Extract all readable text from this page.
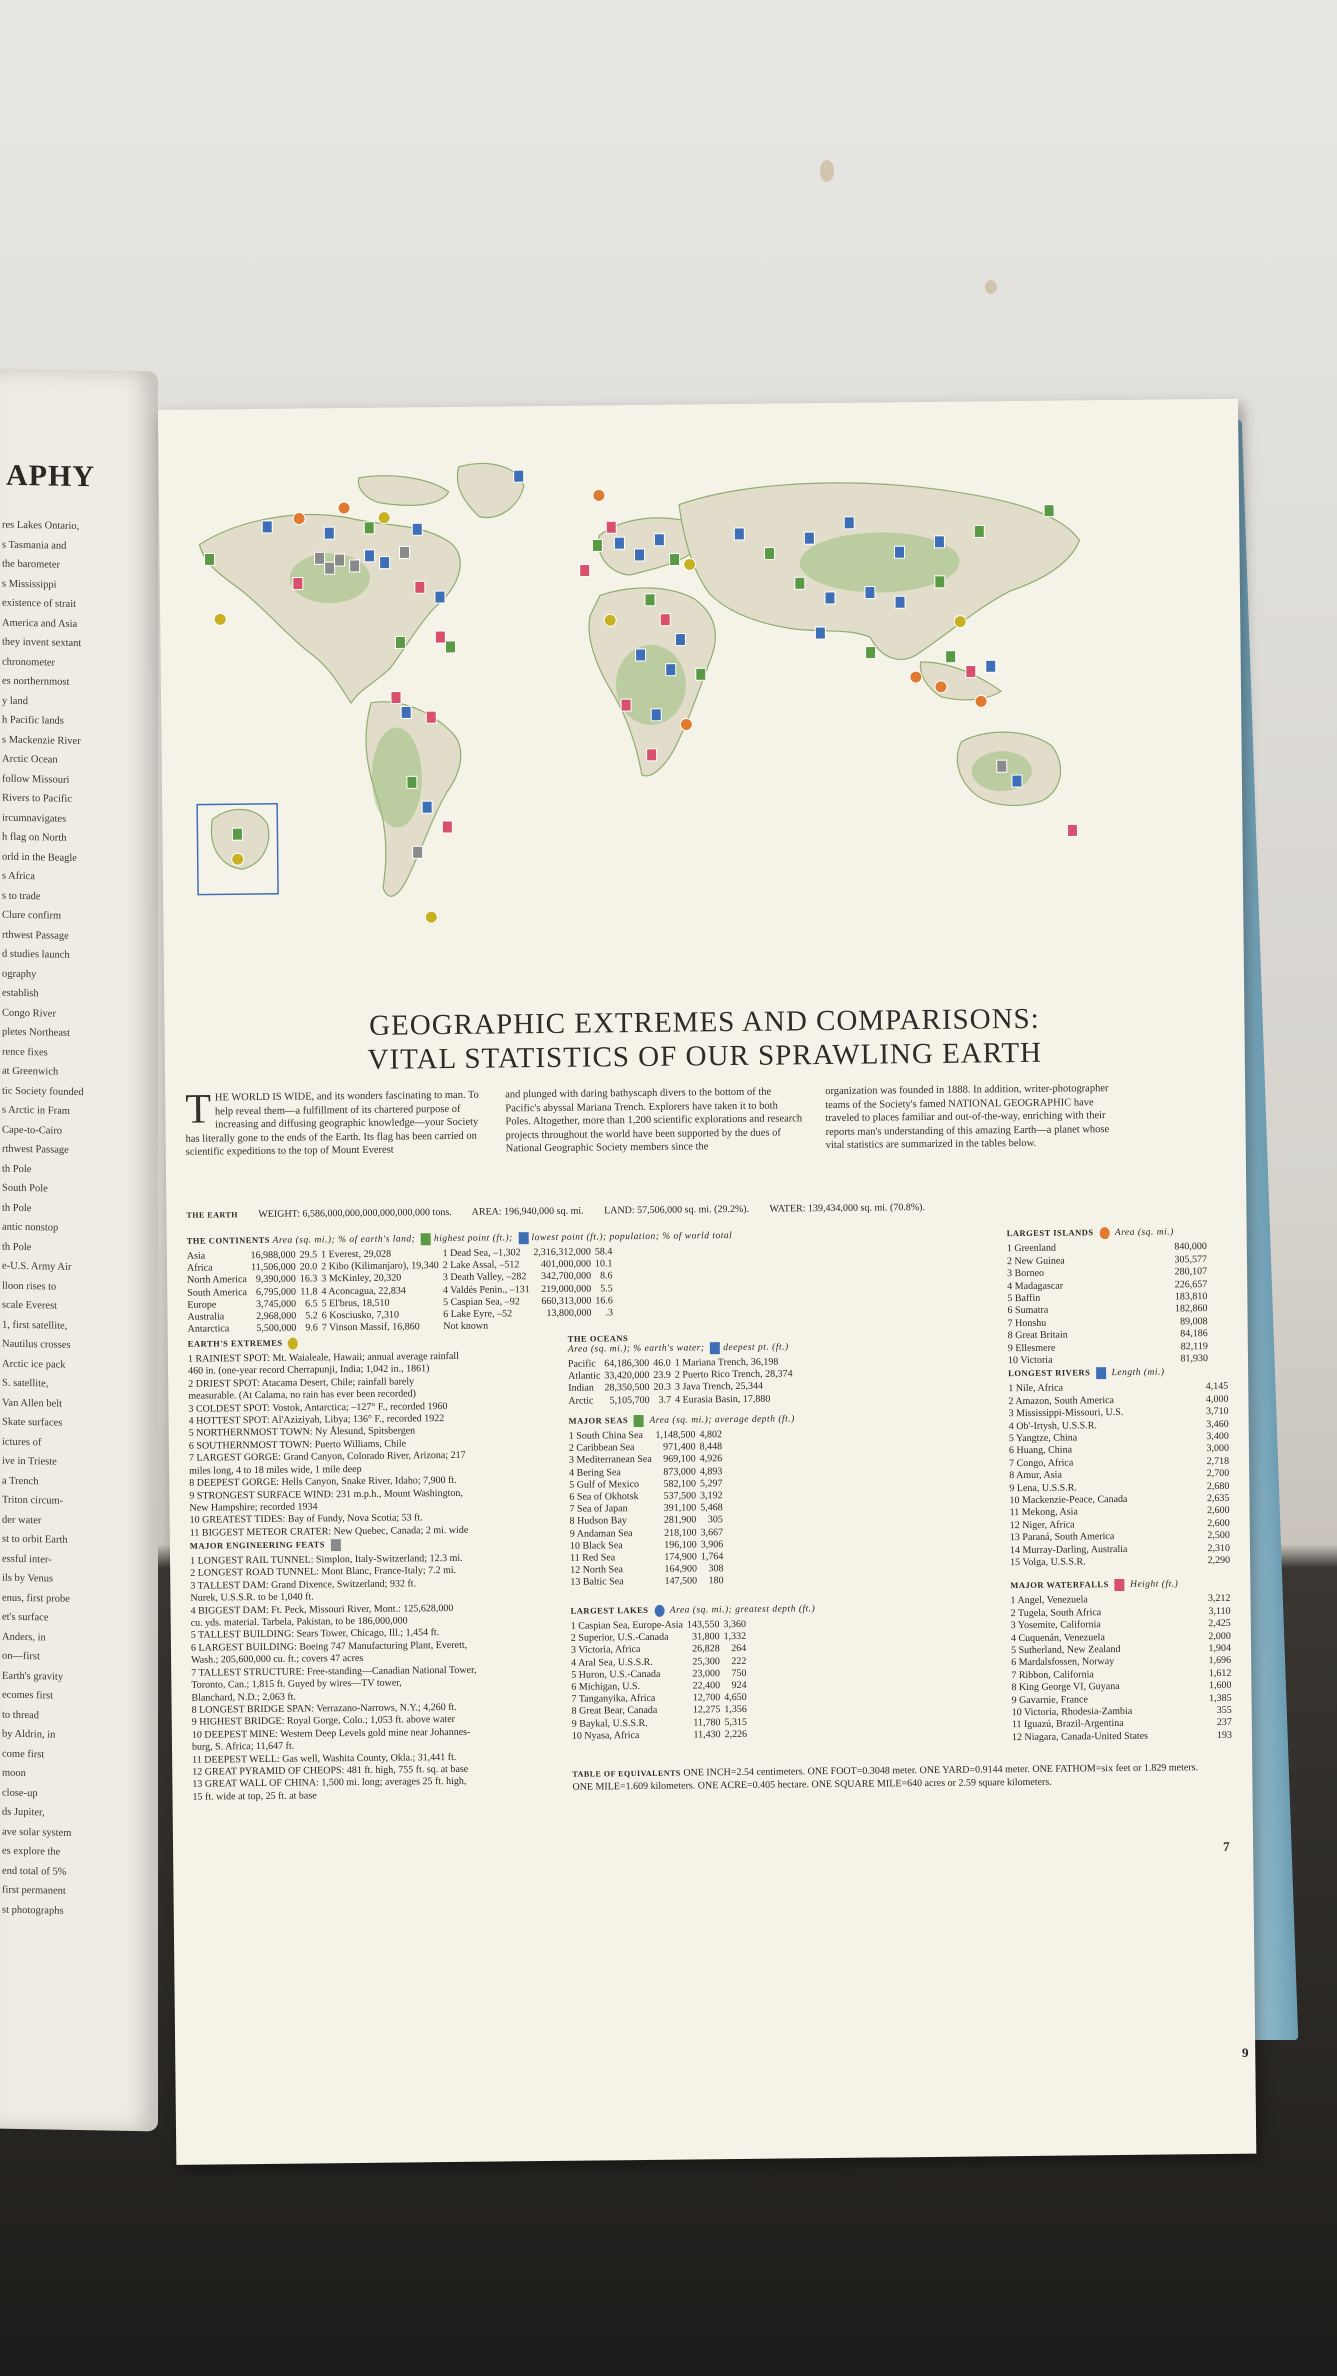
APHY
res Lakes Ontario,
s Tasmania and
the barometer
s Mississippi
existence of strait
America and Asia
they invent sextant
chronometer
es northernmost
y land
h Pacific lands
s Mackenzie River
Arctic Ocean
follow Missouri
Rivers to Pacific
ircumnavigates
h flag on North
orld in the Beagle
s Africa
s to trade
Clure confirm
rthwest Passage
d studies launch
ography
establish
Congo River
pletes Northeast
rence fixes
at Greenwich
tic Society founded
s Arctic in Fram
Cape-to-Cairo
rthwest Passage
th Pole
South Pole
th Pole
antic nonstop
th Pole
e-U.S. Army Air
lloon rises to
scale Everest
1, first satellite,
Nautilus crosses
Arctic ice pack
S. satellite,
Van Allen belt
Skate surfaces
ictures of
ive in Trieste
a Trench
Triton circum-
der water
st to orbit Earth
essful inter-
ils by Venus
enus, first probe
et's surface
Anders, in
on—first
Earth's gravity
ecomes first
to thread
by Aldrin, in
come first
moon
close-up
ds Jupiter,
ave solar system
es explore the
end total of 5%
first permanent
st photographs
GEOGRAPHIC EXTREMES AND COMPARISONS:
VITAL STATISTICS OF OUR SPRAWLING EARTH
THE WORLD IS WIDE, and its wonders fascinating to man. To help reveal them—a fulfillment of its chartered purpose of increasing and diffusing geographic knowledge—your Society has literally gone to the ends of the Earth. Its flag has been carried on scientific expeditions to the top of Mount Everest
and plunged with daring bathyscaph divers to the bottom of the Pacific's abyssal Mariana Trench. Explorers have taken it to both Poles. Altogether, more than 1,200 scientific explorations and research projects throughout the world have been supported by the dues of National Geographic Society members since the
organization was founded in 1888. In addition, writer-photographer teams of the Society's famed NATIONAL GEOGRAPHIC have traveled to places familiar and out-of-the-way, enriching with their reports man's understanding of this amazing Earth—a planet whose vital statistics are summarized in the tables below.
THE EARTH WEIGHT: 6,586,000,000,000,000,000,000 tons. AREA: 196,940,000 sq. mi. LAND: 57,506,000 sq. mi. (29.2%). WATER: 139,434,000 sq. mi. (70.8%).
THE CONTINENTS Area (sq. mi.); % of earth's land; highest point (ft.); lowest point (ft.); population; % of world total
Asia	16,988,000	29.5	1 Everest, 29,028	1 Dead Sea, –1,302	2,316,312,000	58.4
Africa	11,506,000	20.0	2 Kibo (Kilimanjaro), 19,340	2 Lake Assal, –512	401,000,000	10.1
North America	9,390,000	16.3	3 McKinley, 20,320	3 Death Valley, –282	342,700,000	8.6
South America	6,795,000	11.8	4 Aconcagua, 22,834	4 Valdés Penin., –131	219,000,000	5.5
Europe	3,745,000	6.5	5 El'brus, 18,510	5 Caspian Sea, –92	660,313,000	16.6
Australia	2,968,000	5.2	6 Kosciusko, 7,310	6 Lake Eyre, –52	13,800,000	.3
Antarctica	5,500,000	9.6	7 Vinson Massif, 16,860	Not known		
LARGEST ISLANDS Area (sq. mi.)
1 Greenland	840,000
2 New Guinea	305,577
3 Borneo	280,107
4 Madagascar	226,657
5 Baffin	183,810
6 Sumatra	182,860
7 Honshu	89,008
8 Great Britain	84,186
9 Ellesmere	82,119
10 Victoria	81,930
EARTH'S EXTREMES
1 RAINIEST SPOT: Mt. Waialeale, Hawaii; annual average rainfall
460 in. (one-year record Cherrapunji, India; 1,042 in., 1861)
2 DRIEST SPOT: Atacama Desert, Chile; rainfall barely
measurable. (At Calama, no rain has ever been recorded)
3 COLDEST SPOT: Vostok, Antarctica; –127° F., recorded 1960
4 HOTTEST SPOT: Al'Aziziyah, Libya; 136° F., recorded 1922
5 NORTHERNMOST TOWN: Ny Ålesund, Spitsbergen
6 SOUTHERNMOST TOWN: Puerto Williams, Chile
7 LARGEST GORGE: Grand Canyon, Colorado River, Arizona; 217
miles long, 4 to 18 miles wide, 1 mile deep
8 DEEPEST GORGE: Hells Canyon, Snake River, Idaho; 7,900 ft.
9 STRONGEST SURFACE WIND: 231 m.p.h., Mount Washington,
New Hampshire; recorded 1934
10 GREATEST TIDES: Bay of Fundy, Nova Scotia; 53 ft.
11 BIGGEST METEOR CRATER: New Quebec, Canada; 2 mi. wide
THE OCEANS
Area (sq. mi.); % earth's water; deepest pt. (ft.)
Pacific	64,186,300	46.0	1 Mariana Trench, 36,198
Atlantic	33,420,000	23.9	2 Puerto Rico Trench, 28,374
Indian	28,350,500	20.3	3 Java Trench, 25,344
Arctic	5,105,700	3.7	4 Eurasia Basin, 17,880
MAJOR SEAS Area (sq. mi.); average depth (ft.)
1 South China Sea	1,148,500	4,802
2 Caribbean Sea	971,400	8,448
3 Mediterranean Sea	969,100	4,926
4 Bering Sea	873,000	4,893
5 Gulf of Mexico	582,100	5,297
6 Sea of Okhotsk	537,500	3,192
7 Sea of Japan	391,100	5,468
8 Hudson Bay	281,900	305
9 Andaman Sea	218,100	3,667
10 Black Sea	196,100	3,906
11 Red Sea	174,900	1,764
12 North Sea	164,900	308
13 Baltic Sea	147,500	180
LONGEST RIVERS Length (mi.)
1 Nile, Africa	4,145
2 Amazon, South America	4,000
3 Mississippi-Missouri, U.S.	3,710
4 Ob'-Irtysh, U.S.S.R.	3,460
5 Yangtze, China	3,400
6 Huang, China	3,000
7 Congo, Africa	2,718
8 Amur, Asia	2,700
9 Lena, U.S.S.R.	2,680
10 Mackenzie-Peace, Canada	2,635
11 Mekong, Asia	2,600
12 Niger, Africa	2,600
13 Paraná, South America	2,500
14 Murray-Darling, Australia	2,310
15 Volga, U.S.S.R.	2,290
MAJOR ENGINEERING FEATS
1 LONGEST RAIL TUNNEL: Simplon, Italy-Switzerland; 12.3 mi.
2 LONGEST ROAD TUNNEL: Mont Blanc, France-Italy; 7.2 mi.
3 TALLEST DAM: Grand Dixence, Switzerland; 932 ft.
Nurek, U.S.S.R. to be 1,040 ft.
4 BIGGEST DAM: Ft. Peck, Missouri River, Mont.: 125,628,000
cu. yds. material. Tarbela, Pakistan, to be 186,000,000
5 TALLEST BUILDING: Sears Tower, Chicago, Ill.; 1,454 ft.
6 LARGEST BUILDING: Boeing 747 Manufacturing Plant, Everett,
Wash.; 205,600,000 cu. ft.; covers 47 acres
7 TALLEST STRUCTURE: Free-standing—Canadian National Tower,
Toronto, Can.; 1,815 ft. Guyed by wires—TV tower,
Blanchard, N.D.; 2,063 ft.
8 LONGEST BRIDGE SPAN: Verrazano-Narrows, N.Y.; 4,260 ft.
9 HIGHEST BRIDGE: Royal Gorge, Colo.; 1,053 ft. above water
10 DEEPEST MINE: Western Deep Levels gold mine near Johannes-
burg, S. Africa; 11,647 ft.
11 DEEPEST WELL: Gas well, Washita County, Okla.; 31,441 ft.
12 GREAT PYRAMID OF CHEOPS: 481 ft. high, 755 ft. sq. at base
13 GREAT WALL OF CHINA: 1,500 mi. long; averages 25 ft. high,
15 ft. wide at top, 25 ft. at base
MAJOR WATERFALLS Height (ft.)
1 Angel, Venezuela	3,212
2 Tugela, South Africa	3,110
3 Yosemite, California	2,425
4 Cuquenán, Venezuela	2,000
5 Sutherland, New Zealand	1,904
6 Mardalsfossen, Norway	1,696
7 Ribbon, California	1,612
8 King George VI, Guyana	1,600
9 Gavarnie, France	1,385
10 Victoria, Rhodesia-Zambia	355
11 Iguazú, Brazil-Argentina	237
12 Niagara, Canada-United States	193
LARGEST LAKES Area (sq. mi.); greatest depth (ft.)
1 Caspian Sea, Europe-Asia	143,550	3,360
2 Superior, U.S.-Canada	31,800	1,332
3 Victoria, Africa	26,828	264
4 Aral Sea, U.S.S.R.	25,300	222
5 Huron, U.S.-Canada	23,000	750
6 Michigan, U.S.	22,400	924
7 Tanganyika, Africa	12,700	4,650
8 Great Bear, Canada	12,275	1,356
9 Baykal, U.S.S.R.	11,780	5,315
10 Nyasa, Africa	11,430	2,226
TABLE OF EQUIVALENTS ONE INCH=2.54 centimeters. ONE FOOT=0.3048 meter. ONE YARD=0.9144 meter. ONE FATHOM=six feet or 1.829 meters. ONE MILE=1.609 kilometers. ONE ACRE=0.405 hectare. ONE SQUARE MILE=640 acres or 2.59 square kilometers.
7
9
